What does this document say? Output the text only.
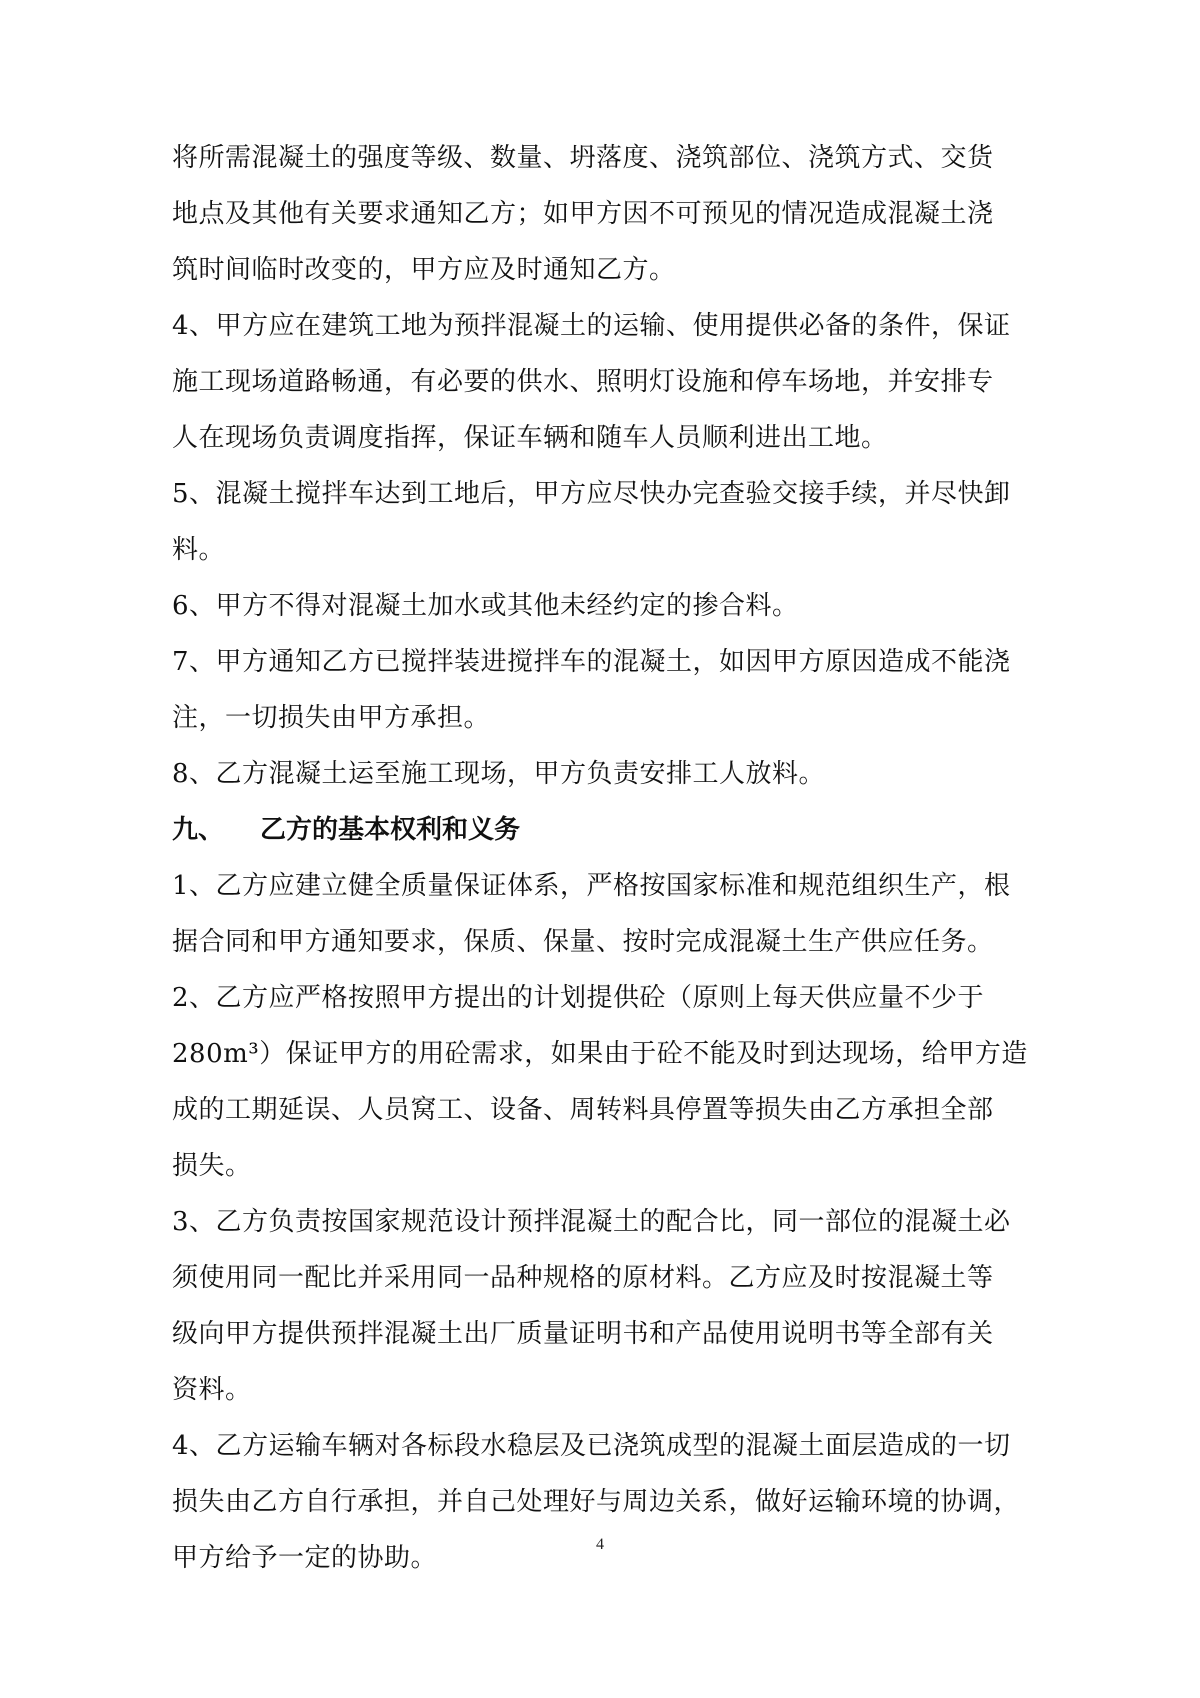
将所需混凝土的强度等级、数量、坍落度、浇筑部位、浇筑方式、交货
地点及其他有关要求通知乙方；如甲方因不可预见的情况造成混凝土浇
筑时间临时改变的，甲方应及时通知乙方。
4、甲方应在建筑工地为预拌混凝土的运输、使用提供必备的条件，保证
施工现场道路畅通，有必要的供水、照明灯设施和停车场地，并安排专
人在现场负责调度指挥，保证车辆和随车人员顺利进出工地。
5、混凝土搅拌车达到工地后，甲方应尽快办完查验交接手续，并尽快卸
料。
6、甲方不得对混凝土加水或其他未经约定的掺合料。
7、甲方通知乙方已搅拌装进搅拌车的混凝土，如因甲方原因造成不能浇
注，一切损失由甲方承担。
8、乙方混凝土运至施工现场，甲方负责安排工人放料。
九、 乙方的基本权利和义务
1、乙方应建立健全质量保证体系，严格按国家标准和规范组织生产，根
据合同和甲方通知要求，保质、保量、按时完成混凝土生产供应任务。
2、乙方应严格按照甲方提出的计划提供砼（原则上每天供应量不少于
280m³）保证甲方的用砼需求，如果由于砼不能及时到达现场，给甲方造
成的工期延误、人员窝工、设备、周转料具停置等损失由乙方承担全部
损失。
3、乙方负责按国家规范设计预拌混凝土的配合比，同一部位的混凝土必
须使用同一配比并采用同一品种规格的原材料。乙方应及时按混凝土等
级向甲方提供预拌混凝土出厂质量证明书和产品使用说明书等全部有关
资料。
4、乙方运输车辆对各标段水稳层及已浇筑成型的混凝土面层造成的一切
损失由乙方自行承担，并自己处理好与周边关系，做好运输环境的协调，
甲方给予一定的协助。	4
